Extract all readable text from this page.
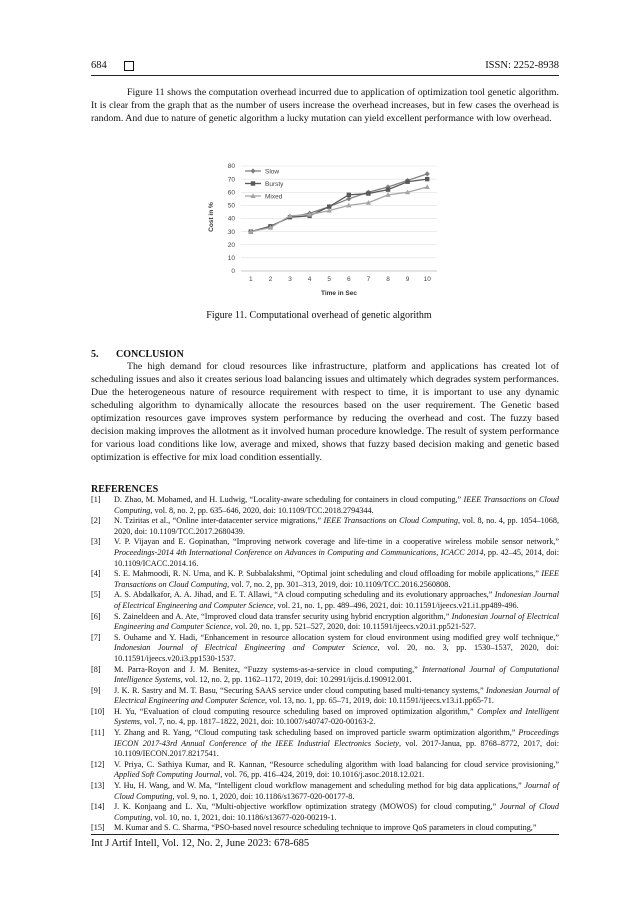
684	ISSN: 2252-8938
Figure 11 shows the computation overhead incurred due to application of optimization tool genetic algorithm. It is clear from the graph that as the number of users increase the overhead increases, but in few cases the overhead is random. And due to nature of genetic algorithm a lucky mutation can yield excellent performance with low overhead.
0
10
20
30
40
50
60
70
80
1 2 3 4 5 6 7 8 9 10
Slow
Bursty
Mixed
Time in Sec
Cost in %
Figure 11. Computational overhead of genetic algorithm
5. CONCLUSION
The high demand for cloud resources like infrastructure, platform and applications has created lot of scheduling issues and also it creates serious load balancing issues and ultimately which degrades system performances. Due the heterogeneous nature of resource requirement with respect to time, it is important to use any dynamic scheduling algorithm to dynamically allocate the resources based on the user requirement. The Genetic based optimization resources gave improves system performance by reducing the overhead and cost. The fuzzy based decision making improves the allotment as it involved human procedure knowledge. The result of system performance for various load conditions like low, average and mixed, shows that fuzzy based decision making and genetic based optimization is effective for mix load condition essentially.
REFERENCES
[1]	D. Zhao, M. Mohamed, and H. Ludwig, “Locality-aware scheduling for containers in cloud computing,” IEEE Transactions on Cloud Computing, vol. 8, no. 2, pp. 635–646, 2020, doi: 10.1109/TCC.2018.2794344.
[2]	N. Tziritas et al., “Online inter-datacenter service migrations,” IEEE Transactions on Cloud Computing, vol. 8, no. 4, pp. 1054–1068, 2020, doi: 10.1109/TCC.2017.2680439.
[3]	V. P. Vijayan and E. Gopinathan, “Improving network coverage and life-time in a cooperative wireless mobile sensor network,” Proceedings-2014 4th International Conference on Advances in Computing and Communications, ICACC 2014, pp. 42–45, 2014, doi: 10.1109/ICACC.2014.16.
[4]	S. E. Mahmoodi, R. N. Uma, and K. P. Subbalakshmi, “Optimal joint scheduling and cloud offloading for mobile applications,” IEEE Transactions on Cloud Computing, vol. 7, no. 2, pp. 301–313, 2019, doi: 10.1109/TCC.2016.2560808.
[5]	A. S. Abdalkafor, A. A. Jihad, and E. T. Allawi, “A cloud computing scheduling and its evolutionary approaches,” Indonesian Journal of Electrical Engineering and Computer Science, vol. 21, no. 1, pp. 489–496, 2021, doi: 10.11591/ijeecs.v21.i1.pp489-496.
[6]	S. Zaineldeen and A. Ate, “Improved cloud data transfer security using hybrid encryption algorithm,” Indonesian Journal of Electrical Engineering and Computer Science, vol. 20, no. 1, pp. 521–527, 2020, doi: 10.11591/ijeecs.v20.i1.pp521-527.
[7]	S. Ouhame and Y. Hadi, “Enhancement in resource allocation system for cloud environment using modified grey wolf technique,” Indonesian Journal of Electrical Engineering and Computer Science, vol. 20, no. 3, pp. 1530–1537, 2020, doi: 10.11591/ijeecs.v20.i3.pp1530-1537.
[8]	M. Parra-Royon and J. M. Benitez, “Fuzzy systems-as-a-service in cloud computing,” International Journal of Computational Intelligence Systems, vol. 12, no. 2, pp. 1162–1172, 2019, doi: 10.2991/ijcis.d.190912.001.
[9]	J. K. R. Sastry and M. T. Basu, “Securing SAAS service under cloud computing based multi-tenancy systems,” Indonesian Journal of Electrical Engineering and Computer Science, vol. 13, no. 1, pp. 65–71, 2019, doi: 10.11591/ijeecs.v13.i1.pp65-71.
[10]	H. Yu, “Evaluation of cloud computing resource scheduling based on improved optimization algorithm,” Complex and Intelligent Systems, vol. 7, no. 4, pp. 1817–1822, 2021, doi: 10.1007/s40747-020-00163-2.
[11]	Y. Zhang and R. Yang, “Cloud computing task scheduling based on improved particle swarm optimization algorithm,” Proceedings IECON 2017-43rd Annual Conference of the IEEE Industrial Electronics Society, vol. 2017-Janua, pp. 8768–8772, 2017, doi: 10.1109/IECON.2017.8217541.
[12]	V. Priya, C. Sathiya Kumar, and R. Kannan, “Resource scheduling algorithm with load balancing for cloud service provisioning,” Applied Soft Computing Journal, vol. 76, pp. 416–424, 2019, doi: 10.1016/j.asoc.2018.12.021.
[13]	Y. Hu, H. Wang, and W. Ma, “Intelligent cloud workflow management and scheduling method for big data applications,” Journal of Cloud Computing, vol. 9, no. 1, 2020, doi: 10.1186/s13677-020-00177-8.
[14]	J. K. Konjaang and L. Xu, “Multi-objective workflow optimization strategy (MOWOS) for cloud computing,” Journal of Cloud Computing, vol. 10, no. 1, 2021, doi: 10.1186/s13677-020-00219-1.
[15]	M. Kumar and S. C. Sharma, “PSO-based novel resource scheduling technique to improve QoS parameters in cloud computing,”
Int J Artif Intell, Vol. 12, No. 2, June 2023: 678-685
